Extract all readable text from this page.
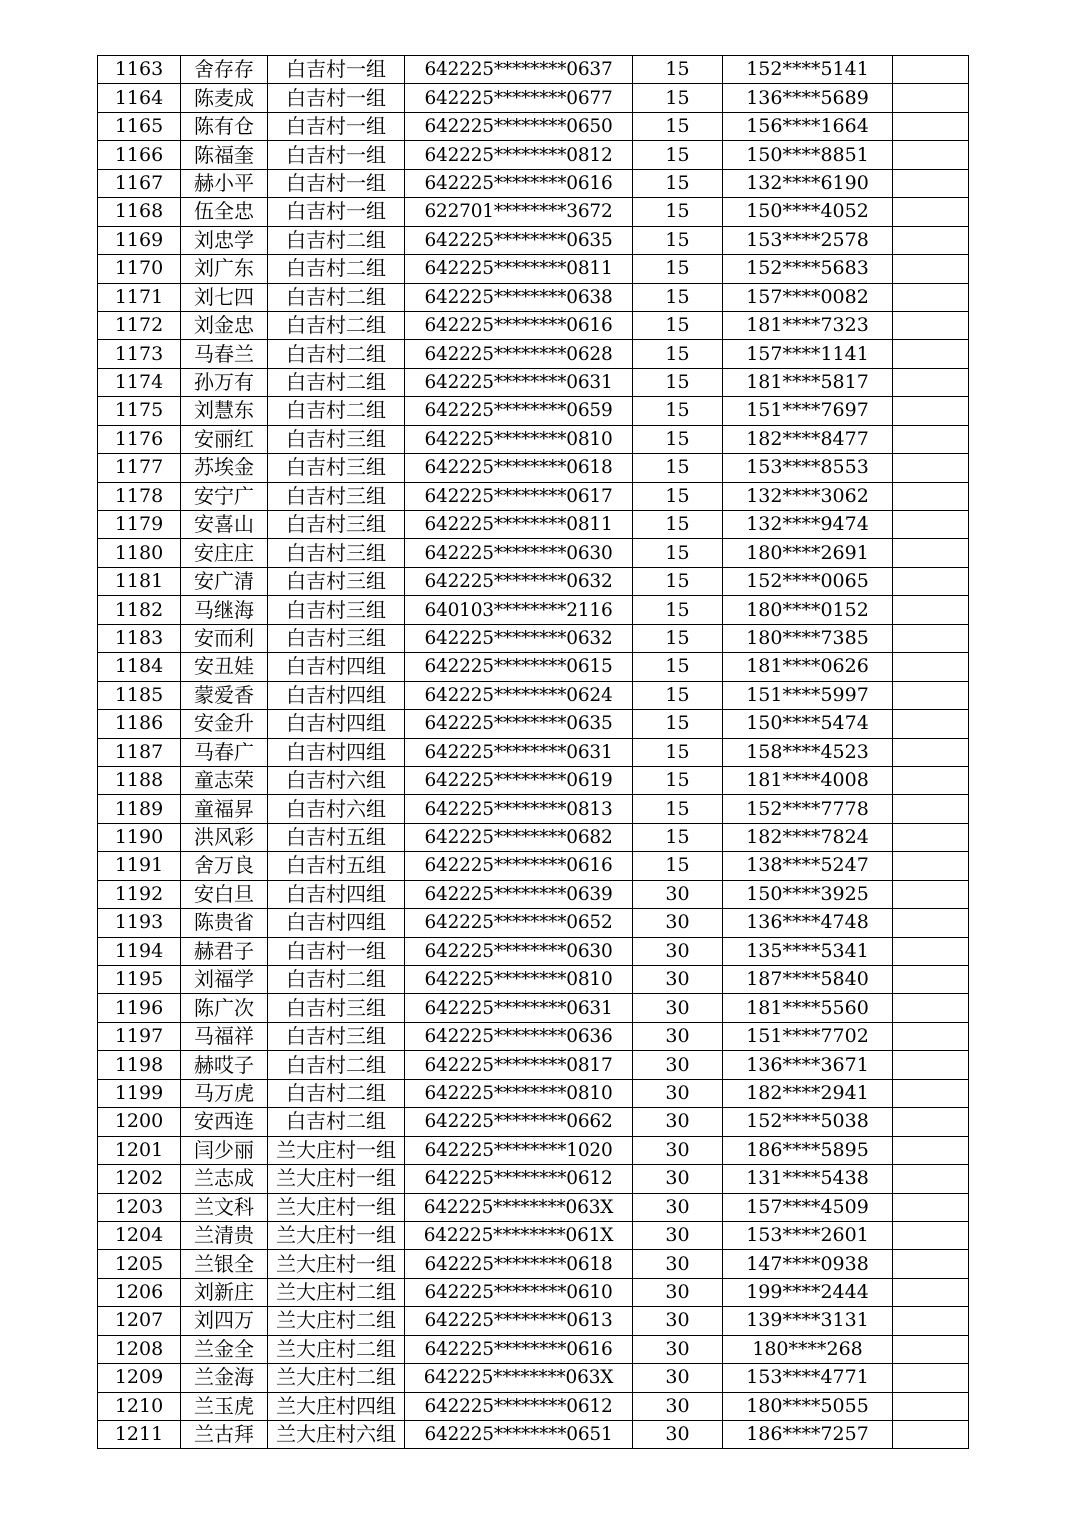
1163	舍存存	白吉村一组	642225********0637	15	152****5141	
1164	陈麦成	白吉村一组	642225********0677	15	136****5689	
1165	陈有仓	白吉村一组	642225********0650	15	156****1664	
1166	陈福奎	白吉村一组	642225********0812	15	150****8851	
1167	赫小平	白吉村一组	642225********0616	15	132****6190	
1168	伍全忠	白吉村一组	622701********3672	15	150****4052	
1169	刘忠学	白吉村二组	642225********0635	15	153****2578	
1170	刘广东	白吉村二组	642225********0811	15	152****5683	
1171	刘七四	白吉村二组	642225********0638	15	157****0082	
1172	刘金忠	白吉村二组	642225********0616	15	181****7323	
1173	马春兰	白吉村二组	642225********0628	15	157****1141	
1174	孙万有	白吉村二组	642225********0631	15	181****5817	
1175	刘慧东	白吉村二组	642225********0659	15	151****7697	
1176	安丽红	白吉村三组	642225********0810	15	182****8477	
1177	苏埃金	白吉村三组	642225********0618	15	153****8553	
1178	安宁广	白吉村三组	642225********0617	15	132****3062	
1179	安喜山	白吉村三组	642225********0811	15	132****9474	
1180	安庄庄	白吉村三组	642225********0630	15	180****2691	
1181	安广清	白吉村三组	642225********0632	15	152****0065	
1182	马继海	白吉村三组	640103********2116	15	180****0152	
1183	安而利	白吉村三组	642225********0632	15	180****7385	
1184	安丑娃	白吉村四组	642225********0615	15	181****0626	
1185	蒙爱香	白吉村四组	642225********0624	15	151****5997	
1186	安金升	白吉村四组	642225********0635	15	150****5474	
1187	马春广	白吉村四组	642225********0631	15	158****4523	
1188	童志荣	白吉村六组	642225********0619	15	181****4008	
1189	童福昇	白吉村六组	642225********0813	15	152****7778	
1190	洪风彩	白吉村五组	642225********0682	15	182****7824	
1191	舍万良	白吉村五组	642225********0616	15	138****5247	
1192	安白旦	白吉村四组	642225********0639	30	150****3925	
1193	陈贵省	白吉村四组	642225********0652	30	136****4748	
1194	赫君子	白吉村一组	642225********0630	30	135****5341	
1195	刘福学	白吉村二组	642225********0810	30	187****5840	
1196	陈广次	白吉村三组	642225********0631	30	181****5560	
1197	马福祥	白吉村三组	642225********0636	30	151****7702	
1198	赫哎子	白吉村二组	642225********0817	30	136****3671	
1199	马万虎	白吉村二组	642225********0810	30	182****2941	
1200	安西连	白吉村二组	642225********0662	30	152****5038	
1201	闫少丽	兰大庄村一组	642225********1020	30	186****5895	
1202	兰志成	兰大庄村一组	642225********0612	30	131****5438	
1203	兰文科	兰大庄村一组	642225********063X	30	157****4509	
1204	兰清贵	兰大庄村一组	642225********061X	30	153****2601	
1205	兰银全	兰大庄村一组	642225********0618	30	147****0938	
1206	刘新庄	兰大庄村二组	642225********0610	30	199****2444	
1207	刘四万	兰大庄村二组	642225********0613	30	139****3131	
1208	兰金全	兰大庄村二组	642225********0616	30	180****268	
1209	兰金海	兰大庄村二组	642225********063X	30	153****4771	
1210	兰玉虎	兰大庄村四组	642225********0612	30	180****5055	
1211	兰古拜	兰大庄村六组	642225********0651	30	186****7257	
